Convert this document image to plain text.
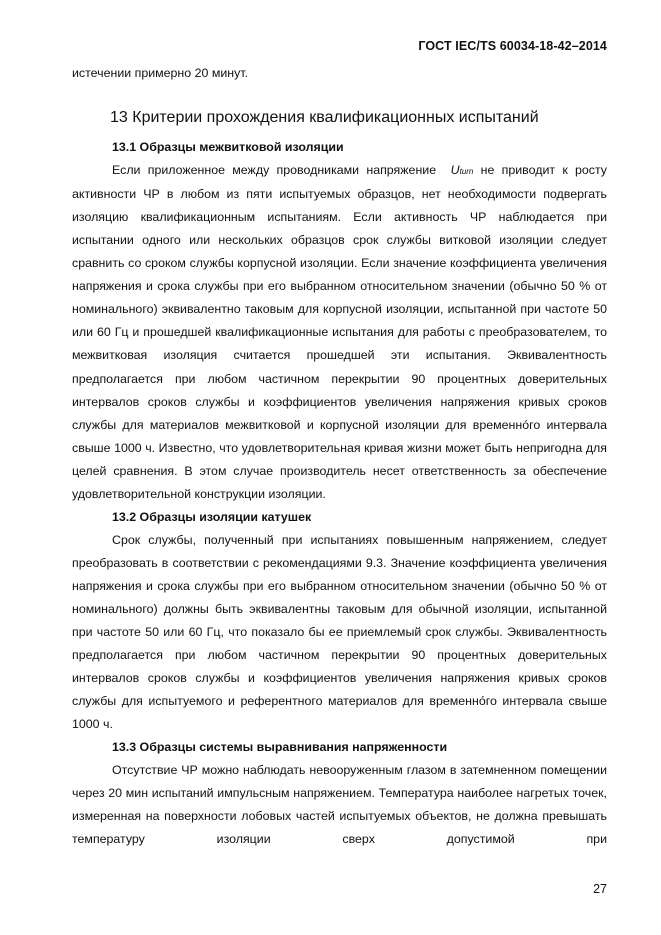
ГОСТ IEC/TS 60034-18-42–2014

истечении примерно 20 минут.

13 Критерии прохождения квалификационных испытаний

13.1 Образцы межвитковой изоляции

Если приложенное между проводниками напряжение Uturn не приводит к росту активности ЧР в любом из пяти испытуемых образцов, нет необходимости подвергать изоляцию квалификационным испытаниям. Если активность ЧР наблюдается при испытании одного или нескольких образцов срок службы витковой изоляции следует сравнить со сроком службы корпусной изоляции. Если значение коэффициента увеличения напряжения и срока службы при его выбранном относительном значении (обычно 50 % от номинального) эквивалентно таковым для корпусной изоляции, испытанной при частоте 50 или 60 Гц и прошедшей квалификационные испытания для работы с преобразователем, то межвитковая изоляция считается прошедшей эти испытания. Эквивалентность предполагается при любом частичном перекрытии 90 процентных доверительных интервалов сроков службы и коэффициентов увеличения напряжения кривых сроков службы для материалов межвитковой и корпусной изоляции для временнóго интервала свыше 1000 ч. Известно, что удовлетворительная кривая жизни может быть непригодна для целей сравнения. В этом случае производитель несет ответственность за обеспечение удовлетворительной конструкции изоляции.

13.2 Образцы изоляции катушек

Срок службы, полученный при испытаниях повышенным напряжением, следует преобразовать в соответствии с рекомендациями 9.3. Значение коэффициента увеличения напряжения и срока службы при его выбранном относительном значении (обычно 50 % от номинального) должны быть эквивалентны таковым для обычной изоляции, испытанной при частоте 50 или 60 Гц, что показало бы ее приемлемый срок службы. Эквивалентность предполагается при любом частичном перекрытии 90 процентных доверительных интервалов сроков службы и коэффициентов увеличения напряжения кривых сроков службы для испытуемого и референтного материалов для временнóго интервала свыше 1000 ч.

13.3 Образцы системы выравнивания напряженности

Отсутствие ЧР можно наблюдать невооруженным глазом в затемненном помещении через 20 мин испытаний импульсным напряжением. Температура наиболее нагретых точек, измеренная на поверхности лобовых частей испытуемых объектов, не должна превышать температуру изоляции сверх допустимой при

27
